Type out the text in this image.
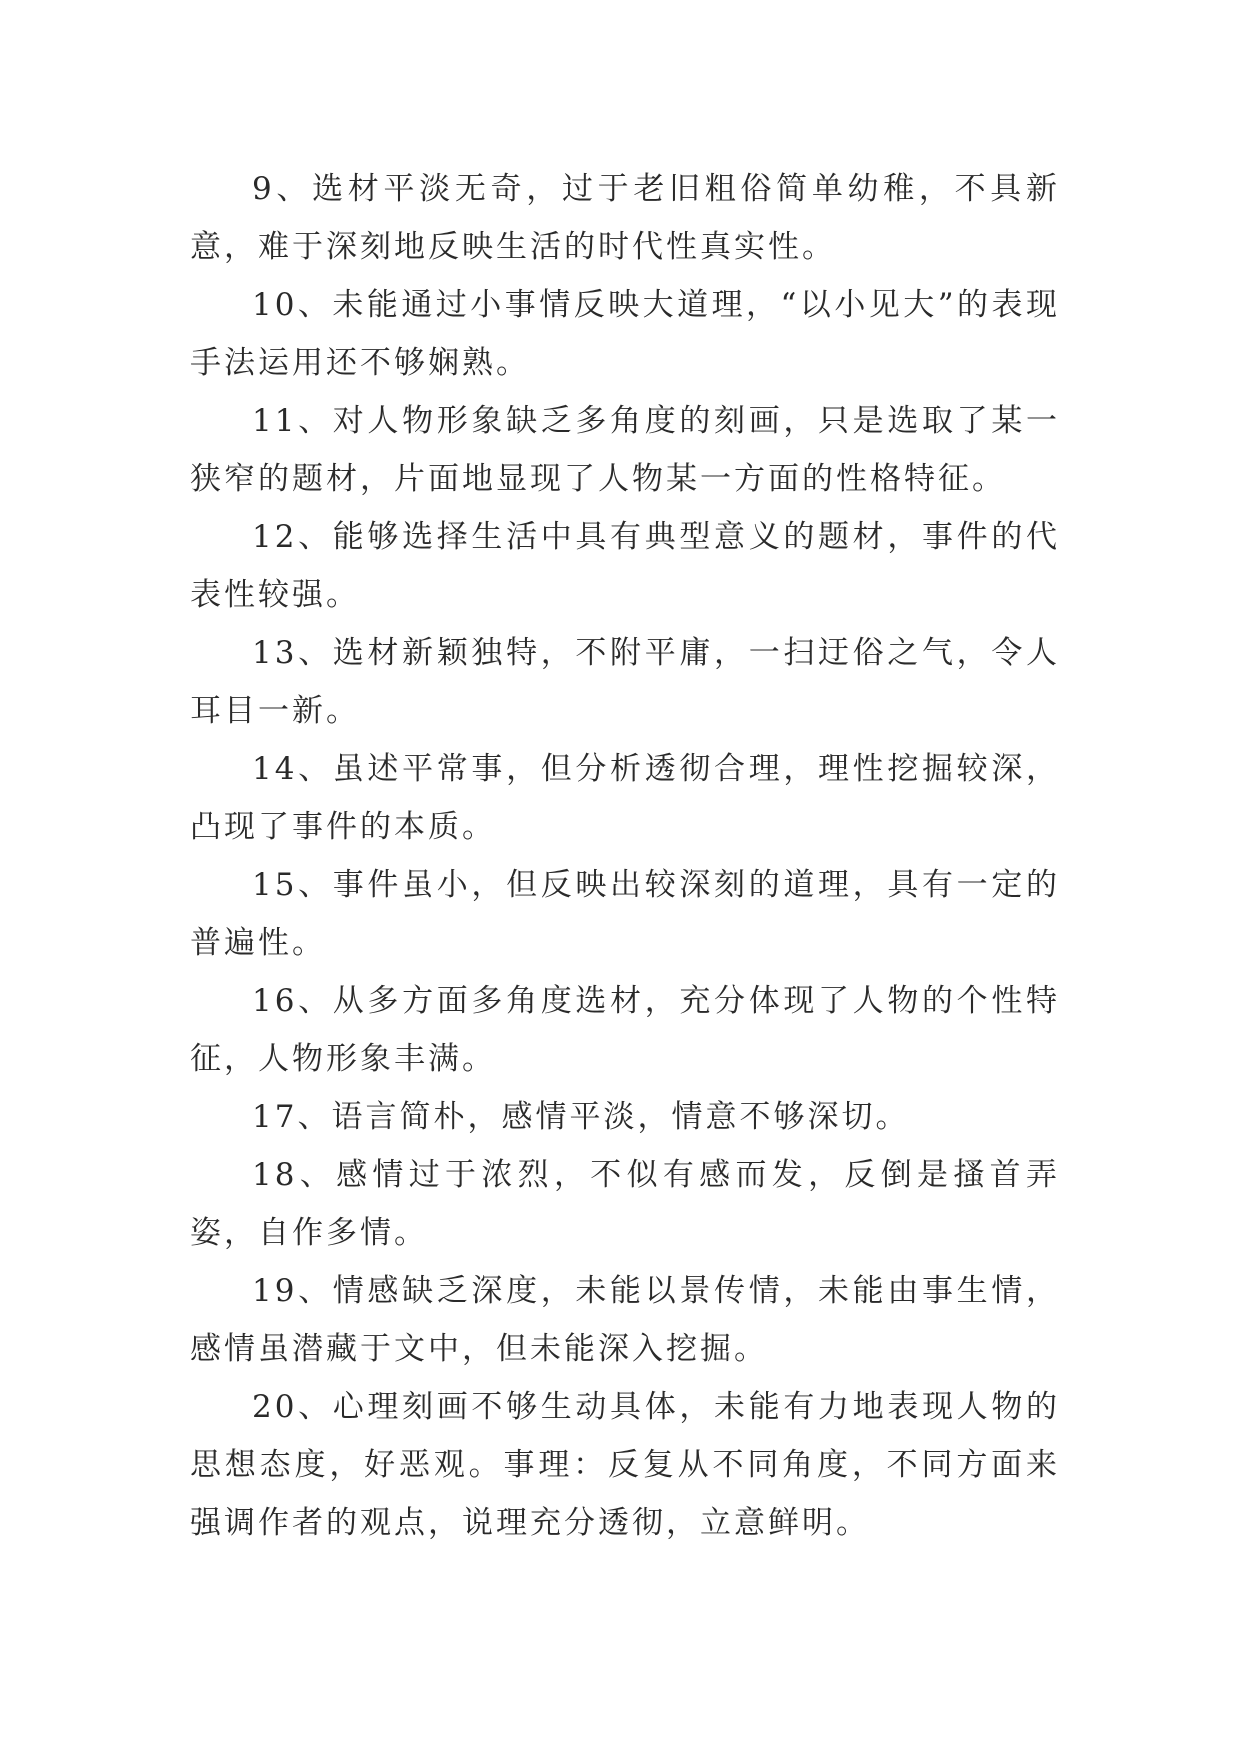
9、选材平淡无奇，过于老旧粗俗简单幼稚，不具新意，难于深刻地反映生活的时代性真实性。

10、未能通过小事情反映大道理，“以小见大”的表现手法运用还不够娴熟。

11、对人物形象缺乏多角度的刻画，只是选取了某一狭窄的题材，片面地显现了人物某一方面的性格特征。

12、能够选择生活中具有典型意义的题材，事件的代表性较强。

13、选材新颖独特，不附平庸，一扫迂俗之气，令人耳目一新。

14、虽述平常事，但分析透彻合理，理性挖掘较深，凸现了事件的本质。

15、事件虽小，但反映出较深刻的道理，具有一定的普遍性。

16、从多方面多角度选材，充分体现了人物的个性特征，人物形象丰满。

17、语言简朴，感情平淡，情意不够深切。

18、感情过于浓烈，不似有感而发，反倒是搔首弄姿，自作多情。

19、情感缺乏深度，未能以景传情，未能由事生情，感情虽潜藏于文中，但未能深入挖掘。

20、心理刻画不够生动具体，未能有力地表现人物的思想态度，好恶观。事理：反复从不同角度，不同方面来强调作者的观点，说理充分透彻，立意鲜明。
